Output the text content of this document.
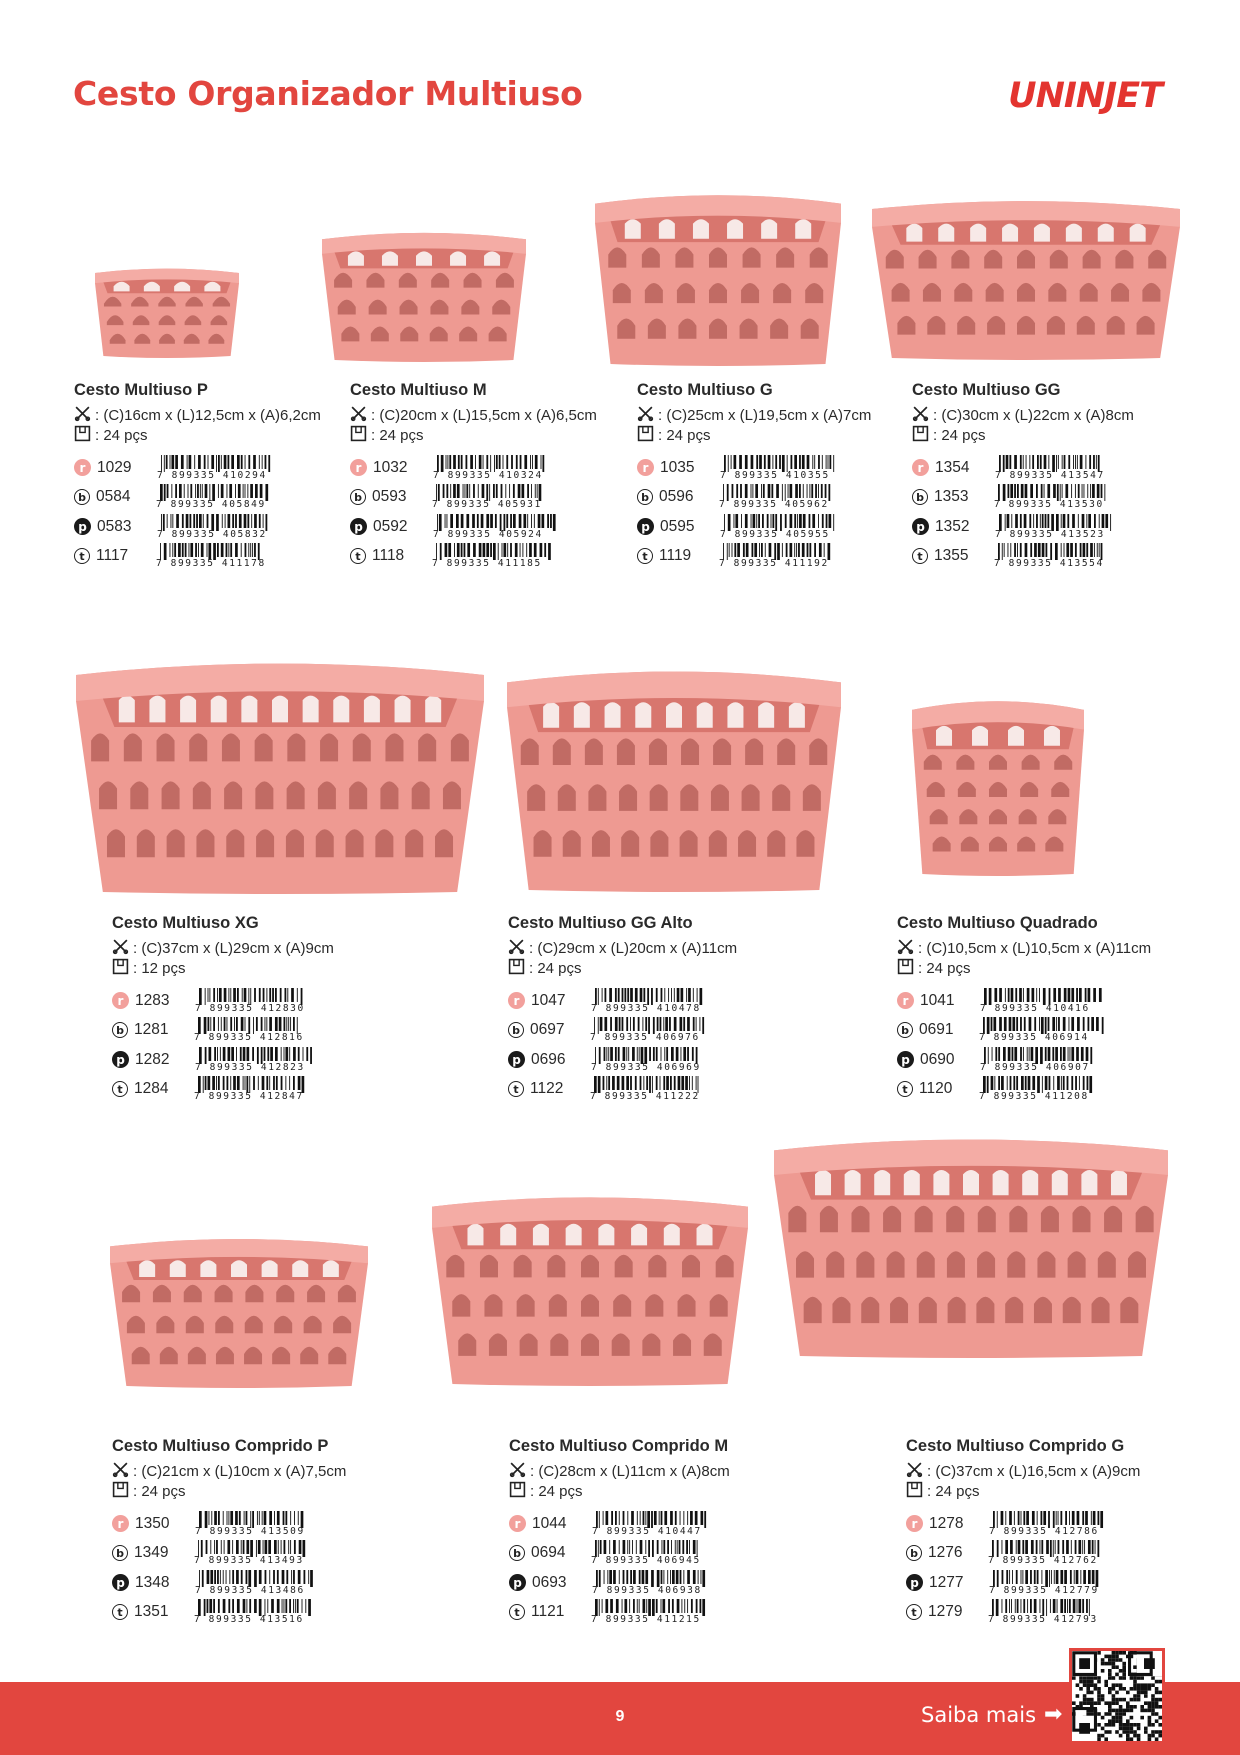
Cesto Organizador Multiuso	UNINJET
Cesto Multiuso P
: (C)16cm x (L)12,5cm x (A)6,2cm
: 24 pçs
r 1029	7 899335 410294
b 0584	7 899335 405849
p 0583	7 899335 405832
t 1117	7 899335 411178
Cesto Multiuso M
: (C)20cm x (L)15,5cm x (A)6,5cm
: 24 pçs
r 1032	7 899335 410324
b 0593	7 899335 405931
p 0592	7 899335 405924
t 1118	7 899335 411185
Cesto Multiuso G
: (C)25cm x (L)19,5cm x (A)7cm
: 24 pçs
r 1035	7 899335 410355
b 0596	7 899335 405962
p 0595	7 899335 405955
t 1119	7 899335 411192
Cesto Multiuso GG
: (C)30cm x (L)22cm x (A)8cm
: 24 pçs
r 1354	7 899335 413547
b 1353	7 899335 413530
p 1352	7 899335 413523
t 1355	7 899335 413554
Cesto Multiuso XG
: (C)37cm x (L)29cm x (A)9cm
: 12 pçs
r 1283	7 899335 412830
b 1281	7 899335 412816
p 1282	7 899335 412823
t 1284	7 899335 412847
Cesto Multiuso GG Alto
: (C)29cm x (L)20cm x (A)11cm
: 24 pçs
r 1047	7 899335 410478
b 0697	7 899335 406976
p 0696	7 899335 406969
t 1122	7 899335 411222
Cesto Multiuso Quadrado
: (C)10,5cm x (L)10,5cm x (A)11cm
: 24 pçs
r 1041	7 899335 410416
b 0691	7 899335 406914
p 0690	7 899335 406907
t 1120	7 899335 411208
Cesto Multiuso Comprido P
: (C)21cm x (L)10cm x (A)7,5cm
: 24 pçs
r 1350	7 899335 413509
b 1349	7 899335 413493
p 1348	7 899335 413486
t 1351	7 899335 413516
Cesto Multiuso Comprido M
: (C)28cm x (L)11cm x (A)8cm
: 24 pçs
r 1044	7 899335 410447
b 0694	7 899335 406945
p 0693	7 899335 406938
t 1121	7 899335 411215
Cesto Multiuso Comprido G
: (C)37cm x (L)16,5cm x (A)9cm
: 24 pçs
r 1278	7 899335 412786
b 1276	7 899335 412762
p 1277	7 899335 412779
t 1279	7 899335 412793
9	Saiba mais ➡
